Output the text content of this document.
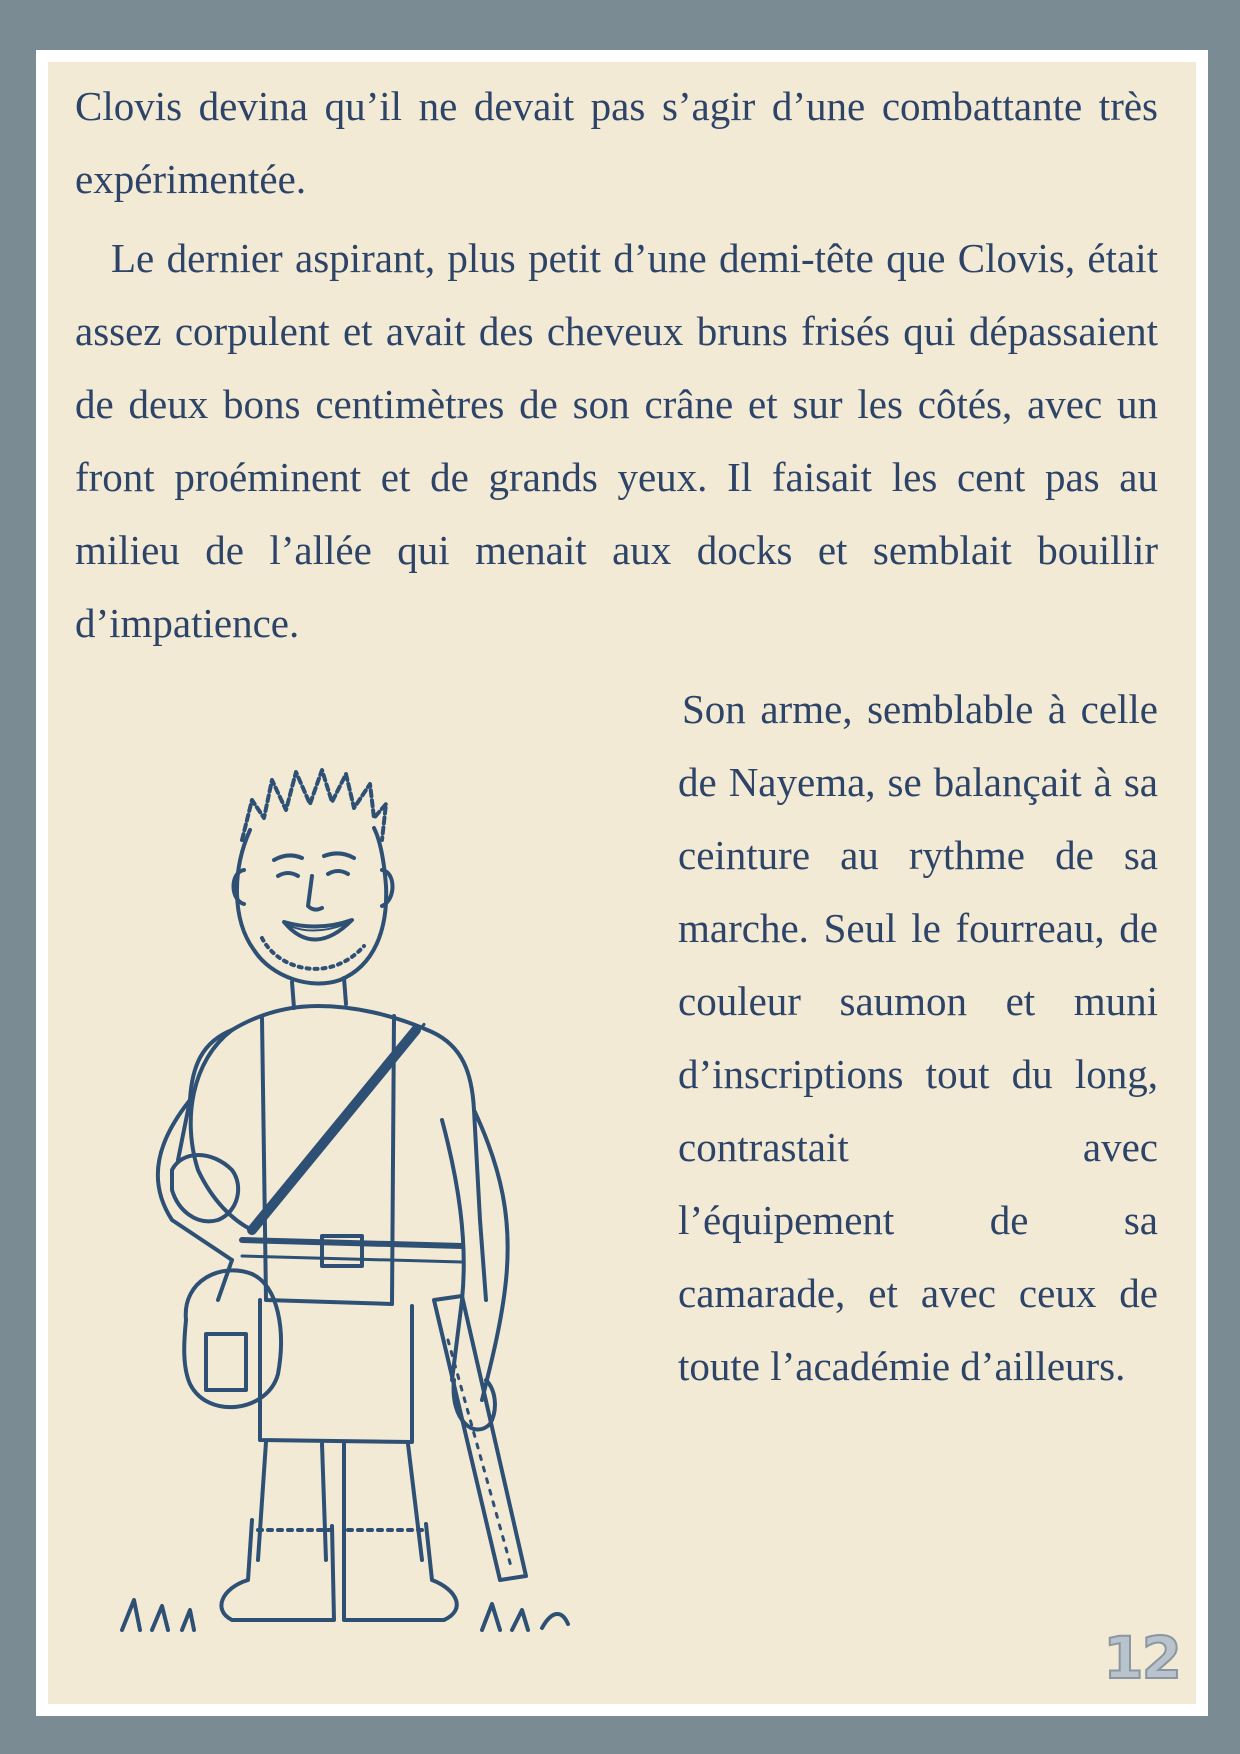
Clovis devina qu’il ne devait pas s’agir d’une combattante très expérimentée.

Le dernier aspirant, plus petit d’une demi-tête que Clovis, était assez corpulent et avait des cheveux bruns frisés qui dépassaient de deux bons centimètres de son crâne et sur les côtés, avec un front proéminent et de grands yeux. Il faisait les cent pas au milieu de l’allée qui menait aux docks et semblait bouillir d’impatience.

Son arme, semblable à celle de Nayema, se balançait à sa ceinture au rythme de sa marche. Seul le fourreau, de couleur saumon et muni d’inscriptions tout du long, contrastait avec l’équipement de sa camarade, et avec ceux de toute l’académie d’ailleurs.

12
